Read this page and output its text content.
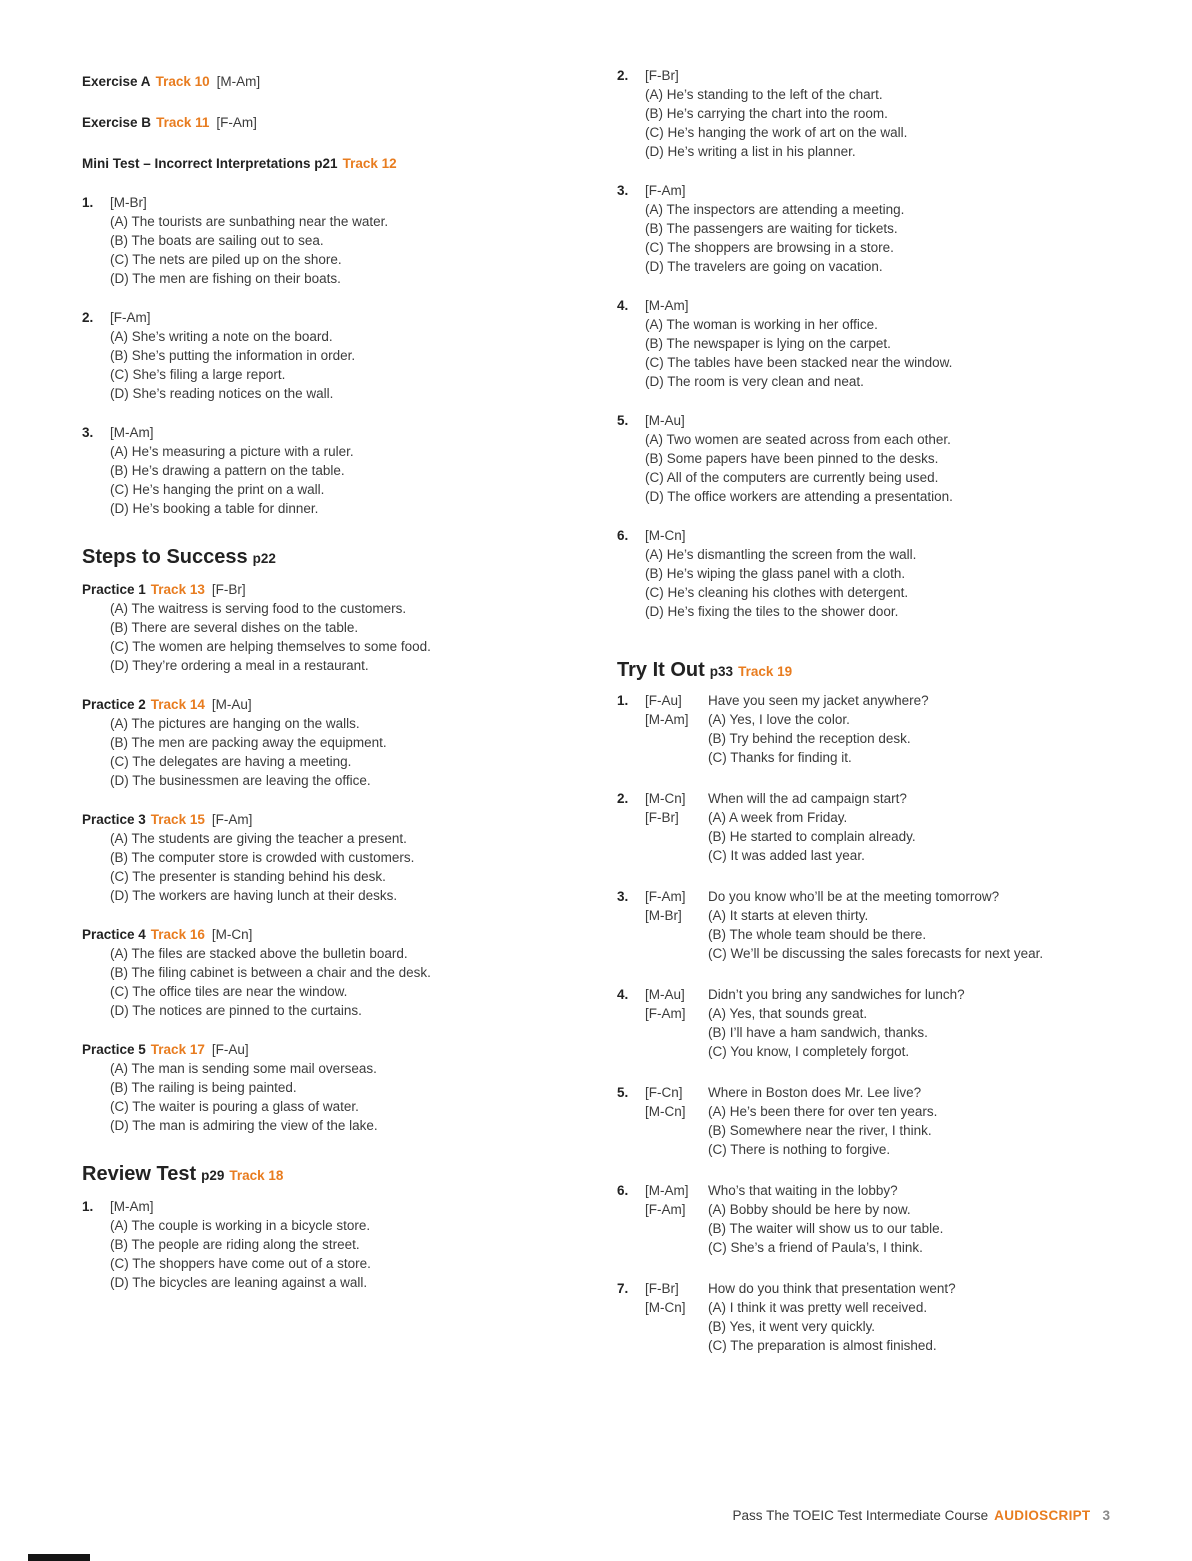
Exercise A Track 10 [M-Am]
Exercise B Track 11 [F-Am]
Mini Test – Incorrect Interpretations p21 Track 12
1.	[M-Br]
(A) The tourists are sunbathing near the water.
(B) The boats are sailing out to sea.
(C) The nets are piled up on the shore.
(D) The men are fishing on their boats.
2.	[F-Am]
(A) She’s writing a note on the board.
(B) She’s putting the information in order.
(C) She’s filing a large report.
(D) She’s reading notices on the wall.
3.	[M-Am]
(A) He’s measuring a picture with a ruler.
(B) He’s drawing a pattern on the table.
(C) He’s hanging the print on a wall.
(D) He’s booking a table for dinner.
Steps to Success p22
Practice 1 Track 13 [F-Br]
(A) The waitress is serving food to the customers.
(B) There are several dishes on the table.
(C) The women are helping themselves to some food.
(D) They’re ordering a meal in a restaurant.
Practice 2 Track 14 [M-Au]
(A) The pictures are hanging on the walls.
(B) The men are packing away the equipment.
(C) The delegates are having a meeting.
(D) The businessmen are leaving the office.
Practice 3 Track 15 [F-Am]
(A) The students are giving the teacher a present.
(B) The computer store is crowded with customers.
(C) The presenter is standing behind his desk.
(D) The workers are having lunch at their desks.
Practice 4 Track 16 [M-Cn]
(A) The files are stacked above the bulletin board.
(B) The filing cabinet is between a chair and the desk.
(C) The office tiles are near the window.
(D) The notices are pinned to the curtains.
Practice 5 Track 17 [F-Au]
(A) The man is sending some mail overseas.
(B) The railing is being painted.
(C) The waiter is pouring a glass of water.
(D) The man is admiring the view of the lake.
Review Test p29 Track 18
1.	[M-Am]
(A) The couple is working in a bicycle store.
(B) The people are riding along the street.
(C) The shoppers have come out of a store.
(D) The bicycles are leaning against a wall.
2.	[F-Br]
(A) He’s standing to the left of the chart.
(B) He’s carrying the chart into the room.
(C) He’s hanging the work of art on the wall.
(D) He’s writing a list in his planner.
3.	[F-Am]
(A) The inspectors are attending a meeting.
(B) The passengers are waiting for tickets.
(C) The shoppers are browsing in a store.
(D) The travelers are going on vacation.
4.	[M-Am]
(A) The woman is working in her office.
(B) The newspaper is lying on the carpet.
(C) The tables have been stacked near the window.
(D) The room is very clean and neat.
5.	[M-Au]
(A) Two women are seated across from each other.
(B) Some papers have been pinned to the desks.
(C) All of the computers are currently being used.
(D) The office workers are attending a presentation.
6.	[M-Cn]
(A) He’s dismantling the screen from the wall.
(B) He’s wiping the glass panel with a cloth.
(C) He’s cleaning his clothes with detergent.
(D) He’s fixing the tiles to the shower door.
Try It Out p33 Track 19
1.	[F-Au]	Have you seen my jacket anywhere?
[M-Am]	(A) Yes, I love the color.
(B) Try behind the reception desk.
(C) Thanks for finding it.
2.	[M-Cn]	When will the ad campaign start?
[F-Br]	(A) A week from Friday.
(B) He started to complain already.
(C) It was added last year.
3.	[F-Am]	Do you know who’ll be at the meeting tomorrow?
[M-Br]	(A) It starts at eleven thirty.
(B) The whole team should be there.
(C) We’ll be discussing the sales forecasts for next year.
4.	[M-Au]	Didn’t you bring any sandwiches for lunch?
[F-Am]	(A) Yes, that sounds great.
(B) I’ll have a ham sandwich, thanks.
(C) You know, I completely forgot.
5.	[F-Cn]	Where in Boston does Mr. Lee live?
[M-Cn]	(A) He’s been there for over ten years.
(B) Somewhere near the river, I think.
(C) There is nothing to forgive.
6.	[M-Am]	Who’s that waiting in the lobby?
[F-Am]	(A) Bobby should be here by now.
(B) The waiter will show us to our table.
(C) She’s a friend of Paula’s, I think.
7.	[F-Br]	How do you think that presentation went?
[M-Cn]	(A) I think it was pretty well received.
(B) Yes, it went very quickly.
(C) The preparation is almost finished.
Pass The TOEIC Test Intermediate Course AUDIOSCRIPT 3
